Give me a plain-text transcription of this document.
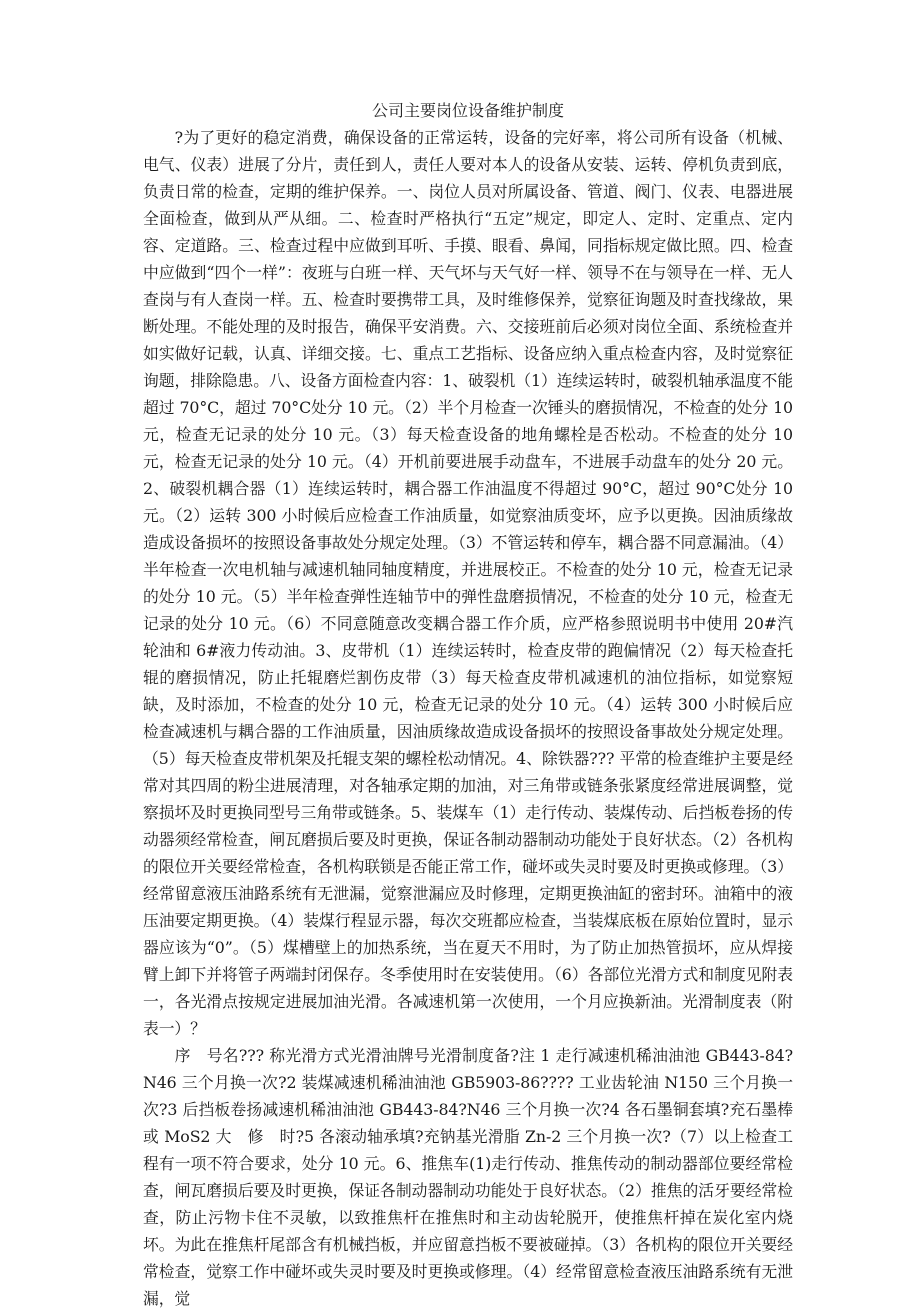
公司主要岗位设备维护制度

?为了更好的稳定消费，确保设备的正常运转，设备的完好率，将公司所有设备（机械、电气、仪表）进展了分片，责任到人，责任人要对本人的设备从安装、运转、停机负责到底，负责日常的检查，定期的维护保养。一、岗位人员对所属设备、管道、阀门、仪表、电器进展全面检查，做到从严从细。二、检查时严格执行“五定”规定，即定人、定时、定重点、定内容、定道路。三、检查过程中应做到耳听、手摸、眼看、鼻闻，同指标规定做比照。四、检查中应做到“四个一样”：夜班与白班一样、天气坏与天气好一样、领导不在与领导在一样、无人查岗与有人查岗一样。五、检查时要携带工具，及时维修保养，觉察征询题及时查找缘故，果断处理。不能处理的及时报告，确保平安消费。六、交接班前后必须对岗位全面、系统检查并如实做好记载，认真、详细交接。七、重点工艺指标、设备应纳入重点检查内容，及时觉察征询题，排除隐患。八、设备方面检查内容：1、破裂机（1）连续运转时，破裂机轴承温度不能超过 70°C，超过 70°C处分 10 元。（2）半个月检查一次锤头的磨损情况，不检查的处分 10 元，检查无记录的处分 10 元。（3）每天检查设备的地角螺栓是否松动。不检查的处分 10 元，检查无记录的处分 10 元。（4）开机前要进展手动盘车，不进展手动盘车的处分 20 元。2、破裂机耦合器（1）连续运转时，耦合器工作油温度不得超过 90°C，超过 90°C处分 10 元。（2）运转 300 小时候后应检查工作油质量，如觉察油质变坏，应予以更换。因油质缘故造成设备损坏的按照设备事故处分规定处理。（3）不管运转和停车，耦合器不同意漏油。（4）半年检查一次电机轴与减速机轴同轴度精度，并进展校正。不检查的处分 10 元，检查无记录的处分 10 元。（5）半年检查弹性连轴节中的弹性盘磨损情况，不检查的处分 10 元，检查无记录的处分 10 元。（6）不同意随意改变耦合器工作介质，应严格参照说明书中使用 20#汽轮油和 6#液力传动油。3、皮带机（1）连续运转时，检查皮带的跑偏情况（2）每天检查托辊的磨损情况，防止托辊磨烂割伤皮带（3）每天检查皮带机减速机的油位指标，如觉察短缺，及时添加，不检查的处分 10 元，检查无记录的处分 10 元。（4）运转 300 小时候后应检查减速机与耦合器的工作油质量，因油质缘故造成设备损坏的按照设备事故处分规定处理。（5）每天检查皮带机架及托辊支架的螺栓松动情况。4、除铁器??? 平常的检查维护主要是经常对其四周的粉尘进展清理，对各轴承定期的加油，对三角带或链条张紧度经常进展调整，觉察损坏及时更换同型号三角带或链条。5、装煤车（1）走行传动、装煤传动、后挡板卷扬的传动器须经常检查，闸瓦磨损后要及时更换，保证各制动器制动功能处于良好状态。（2）各机构的限位开关要经常检查，各机构联锁是否能正常工作，碰坏或失灵时要及时更换或修理。（3）经常留意液压油路系统有无泄漏，觉察泄漏应及时修理，定期更换油缸的密封环。油箱中的液压油要定期更换。（4）装煤行程显示器，每次交班都应检查，当装煤底板在原始位置时，显示器应该为“0”。（5）煤槽壁上的加热系统，当在夏天不用时，为了防止加热管损坏，应从焊接臂上卸下并将管子两端封闭保存。冬季使用时在安装使用。（6）各部位光滑方式和制度见附表一，各光滑点按规定进展加油光滑。各减速机第一次使用，一个月应换新油。光滑制度表（附表一）？

序　号名??? 称光滑方式光滑油牌号光滑制度备?注 1 走行减速机稀油油池 GB443-84?N46 三个月换一次?2 装煤减速机稀油油池 GB5903-86???? 工业齿轮油 N150 三个月换一次?3 后挡板卷扬减速机稀油油池 GB443-84?N46 三个月换一次?4 各石墨铜套填?充石墨棒或 MoS2 大　修　时?5 各滚动轴承填?充钠基光滑脂 Zn-2 三个月换一次?（7）以上检查工程有一项不符合要求，处分 10 元。6、推焦车(1)走行传动、推焦传动的制动器部位要经常检查，闸瓦磨损后要及时更换，保证各制动器制动功能处于良好状态。（2）推焦的活牙要经常检查，防止污物卡住不灵敏，以致推焦杆在推焦时和主动齿轮脱开，使推焦杆掉在炭化室内烧坏。为此在推焦杆尾部含有机械挡板，并应留意挡板不要被碰掉。（3）各机构的限位开关要经常检查，觉察工作中碰坏或失灵时要及时更换或修理。（4）经常留意检查液压油路系统有无泄漏，觉
